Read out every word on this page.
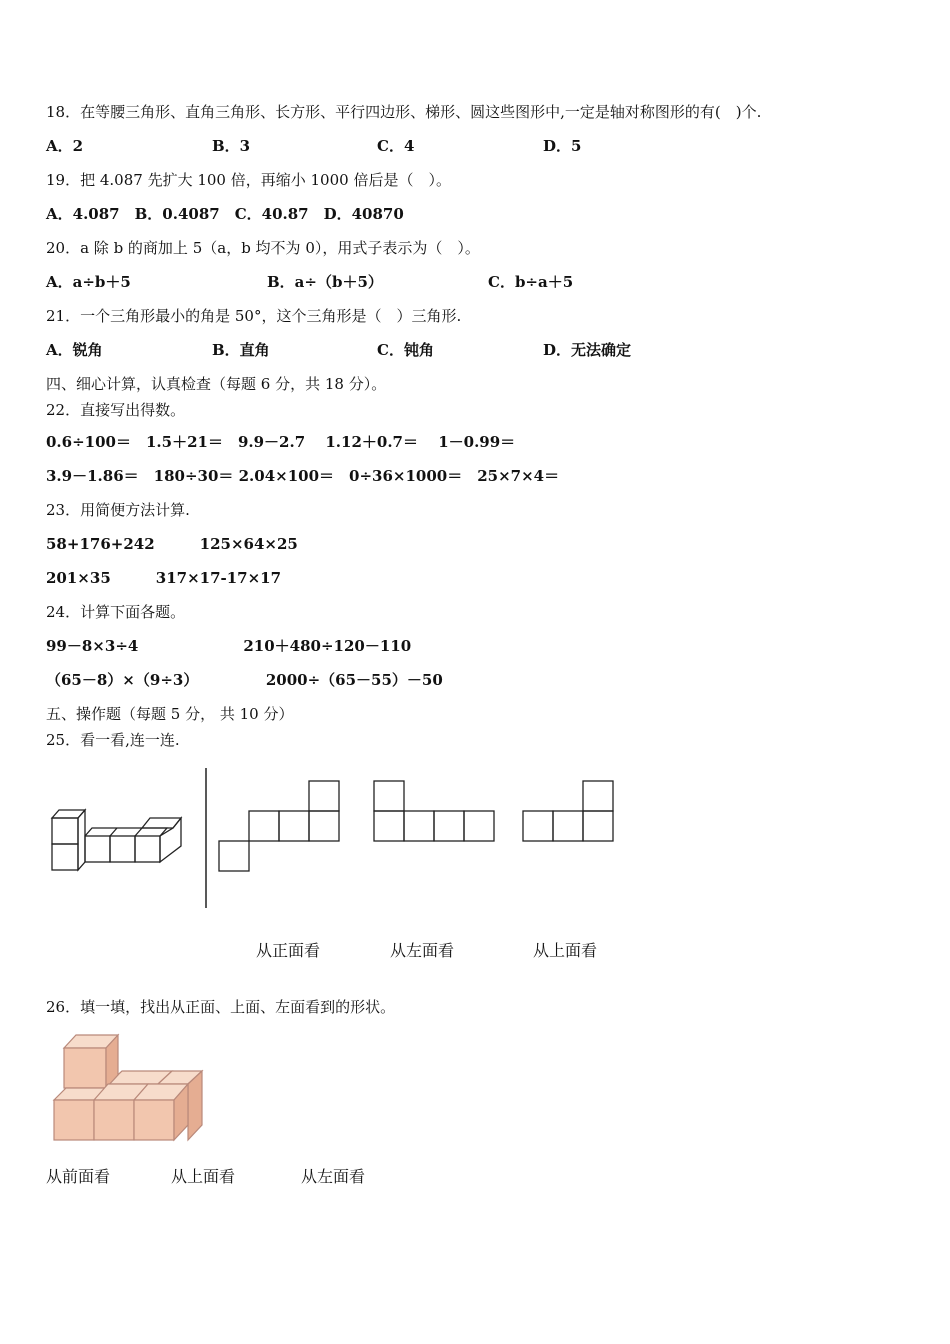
18．在等腰三角形、直角三角形、长方形、平行四边形、梯形、圆这些图形中,一定是轴对称图形的有(　)个.
A．2	B．3	C．4	D．5
19．把 4.087 先扩大 100 倍，再缩小 1000 倍后是（　）。
A．4.087　B．0.4087　C．40.87　D．40870
20．a 除 b 的商加上 5（a，b 均不为 0），用式子表示为（　）。
A．a÷b＋5	B．a÷（b＋5）	C．b÷a＋5
21．一个三角形最小的角是 50°，这个三角形是（　）三角形.
A．锐角	B．直角	C．钝角	D．无法确定
四、细心计算，认真检查（每题 6 分，共 18 分）。
22．直接写出得数。
0.6÷100＝　1.5＋21＝　9.9－2.7　 1.12＋0.7＝　 1－0.99＝
3.9－1.86＝　180÷30＝ 2.04×100＝　0÷36×1000＝　25×7×4＝
23．用简便方法计算.
58+176+242　　　125×64×25
201×35　　　317×17-17×17
24．计算下面各题。
99－8×3÷4　　　　　　　210＋480÷120－110
（65－8）×（9÷3）　　　　　2000÷（65－55）－50
五、操作题（每题 5 分， 共 10 分）
25．看一看,连一连.
从正面看	从左面看	从上面看
26．填一填，找出从正面、上面、左面看到的形状。
从前面看	从上面看	从左面看
